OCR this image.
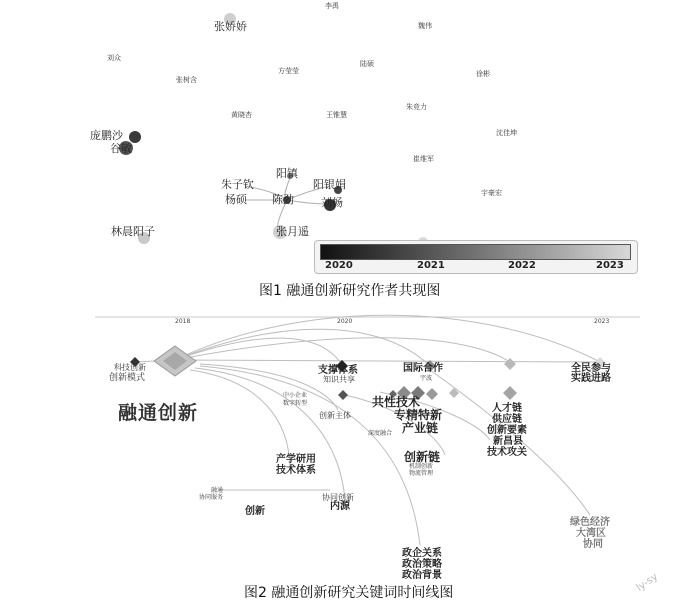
李禹
张娇娇	魏伟
刘众
方莹莹
陆硕
徐彬
张树含
黄晓杏
朱竞力
王锥慧
沈佳坤
庞鹏沙
谷敏
崔维军
阳镇
朱子钦	阳银娟
杨硕 陈劲 刘畅
宇豪宏
林晨阳子	张月遥
2020	2021	2022	2023
图1 融通创新研究作者共现图
2018	2020	2023
科技创新
创新模式
融通创新
支撑体系
知识共享
国际合作
宇波
全民参与
实践进路
共性技术
专精特新
产业链
人才链
供应链
中小企业
数字转型
创新主体
深度融合	创新要素
新昌县
技术攻关
产学研用
技术体系
创新链
机制创新
物流管理
融通
协同服务
创新
协同创新
内源
绿色经济
大湾区
协同
政企关系
政治策略
政治背景
图2 融通创新研究关键词时间线图	ly-sy
